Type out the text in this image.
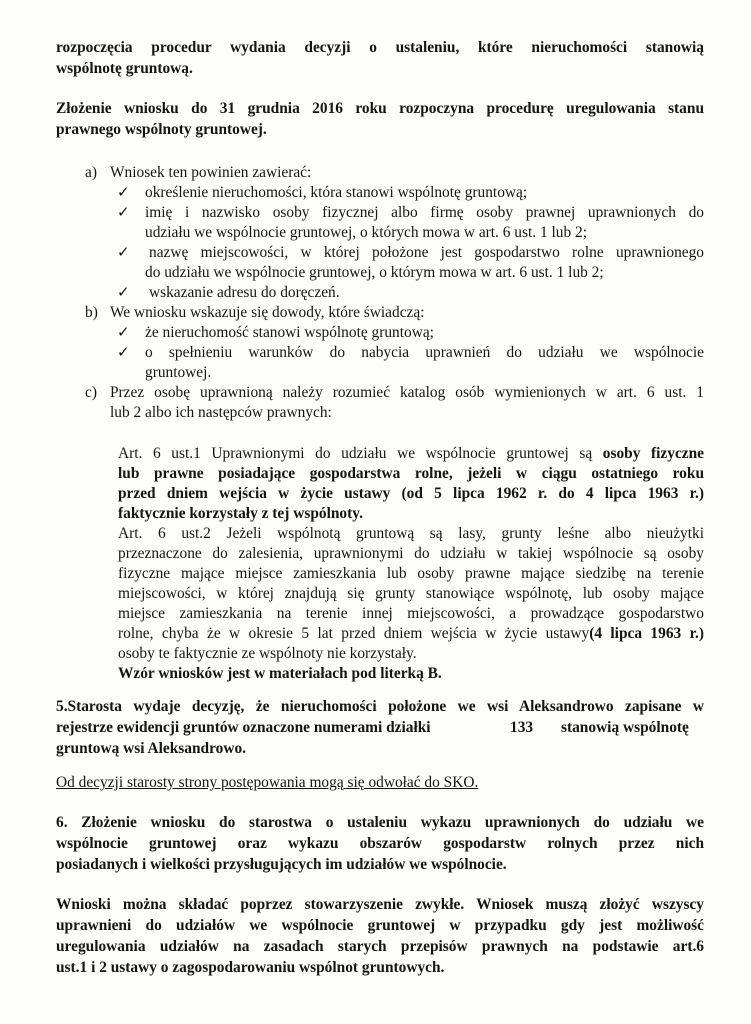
rozpoczęcia procedur wydania decyzji o ustaleniu, które nieruchomości stanowią
wspólnotę gruntową.
Złożenie wniosku do 31 grudnia 2016 roku rozpoczyna procedurę uregulowania stanu
prawnego wspólnoty gruntowej.
a) Wniosek ten powinien zawierać:
✓ określenie nieruchomości, która stanowi wspólnotę gruntową;
✓ imię i nazwisko osoby fizycznej albo firmę osoby prawnej uprawnionych do
udziału we wspólnocie gruntowej, o których mowa w art. 6 ust. 1 lub 2;
✓ nazwę miejscowości, w której położone jest gospodarstwo rolne uprawnionego
do udziału we wspólnocie gruntowej, o którym mowa w art. 6 ust. 1 lub 2;
✓ wskazanie adresu do doręczeń.
b) We wniosku wskazuje się dowody, które świadczą:
✓ że nieruchomość stanowi wspólnotę gruntową;
✓ o spełnieniu warunków do nabycia uprawnień do udziału we wspólnocie
gruntowej.
c) Przez osobę uprawnioną należy rozumieć katalog osób wymienionych w art. 6 ust. 1
lub 2 albo ich następców prawnych:
Art. 6 ust.1 Uprawnionymi do udziału we wspólnocie gruntowej są osoby fizyczne
lub prawne posiadające gospodarstwa rolne, jeżeli w ciągu ostatniego roku
przed dniem wejścia w życie ustawy (od 5 lipca 1962 r. do 4 lipca 1963 r.)
faktycznie korzystały z tej wspólnoty.
Art. 6 ust.2 Jeżeli wspólnotą gruntową są lasy, grunty leśne albo nieużytki
przeznaczone do zalesienia, uprawnionymi do udziału w takiej wspólnocie są osoby
fizyczne mające miejsce zamieszkania lub osoby prawne mające siedzibę na terenie
miejscowości, w której znajdują się grunty stanowiące wspólnotę, lub osoby mające
miejsce zamieszkania na terenie innej miejscowości, a prowadzące gospodarstwo
rolne, chyba że w okresie 5 lat przed dniem wejścia w życie ustawy(4 lipca 1963 r.)
osoby te faktycznie ze wspólnoty nie korzystały.
Wzór wniosków jest w materiałach pod literką B.
5.Starosta wydaje decyzję, że nieruchomości położone we wsi Aleksandrowo zapisane w
rejestrze ewidencji gruntów oznaczone numerami działki	133 stanowią wspólnotę
gruntową wsi Aleksandrowo.
Od decyzji starosty strony postępowania mogą się odwołać do SKO.
6. Złożenie wniosku do starostwa o ustaleniu wykazu uprawnionych do udziału we
wspólnocie gruntowej oraz wykazu obszarów gospodarstw rolnych przez nich
posiadanych i wielkości przysługujących im udziałów we wspólnocie.
Wnioski można składać poprzez stowarzyszenie zwykłe. Wniosek muszą złożyć wszyscy
uprawnieni do udziałów we wspólnocie gruntowej w przypadku gdy jest możliwość
uregulowania udziałów na zasadach starych przepisów prawnych na podstawie art.6
ust.1 i 2 ustawy o zagospodarowaniu wspólnot gruntowych.
